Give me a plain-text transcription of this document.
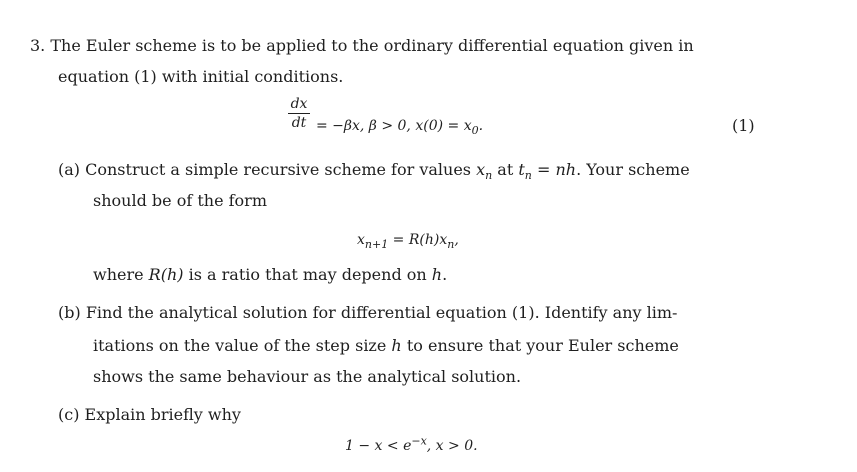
3. The Euler scheme is to be applied to the ordinary differential equation given in
equation (1) with initial conditions.
dx
dt = −βx, β > 0, $x(0) = x_0$.	(1)
(a) Construct a simple recursive scheme for values $x_n$ at $t_n$ = nh. Your scheme
should be of the form
$x_{n+1} = R(h)x_n$,
where R(h) is a ratio that may depend on h.
(b) Find the analytical solution for differential equation (1). Identify any lim-
itations on the value of the step size h to ensure that your Euler scheme
shows the same behaviour as the analytical solution.
(c) Explain briefly why
$1 - x < e^{-x}$, x > 0.
